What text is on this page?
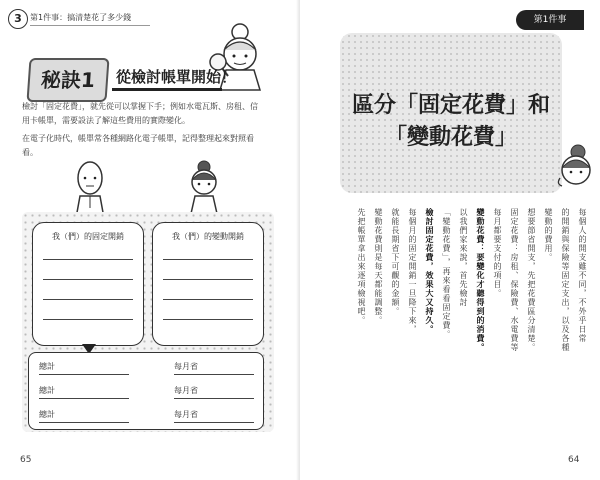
3	第1件事：搞清楚花了多少錢
秘訣1	從檢討帳單開始！
檢討「固定花費」，就先從可以掌握下手；例如水電瓦斯、房租、信用卡帳單，需要設法了解這些費用的實際變化。
在電子化時代，帳單常各種網路化電子帳單，記得整理起來對照看看。
我（們）的固定開銷	我（們）的變動開銷
總計	每月省
總計	每月省
總計	每月省
65
第1件事
區分「固定花費」和
「變動花費」
每個人的開支雖不同，不外乎日常
的開銷與保險等固定支出，以及各種
變動的費用。
想要節省開支，先把花費區分清楚。
固定花費：房租、保險費、水電費等
每月都要支付的項目。
變動花費：要變化才聽得到的消費。
以我們家來說，首先檢討
「變動花費」，再來看看固定費。
檢討固定花費，效果大又持久。
每個月的固定開銷一旦降下來，
就能長期省下可觀的金額。
變動花費則是每天都能調整。
先把帳單拿出來逐項檢視吧。
64
